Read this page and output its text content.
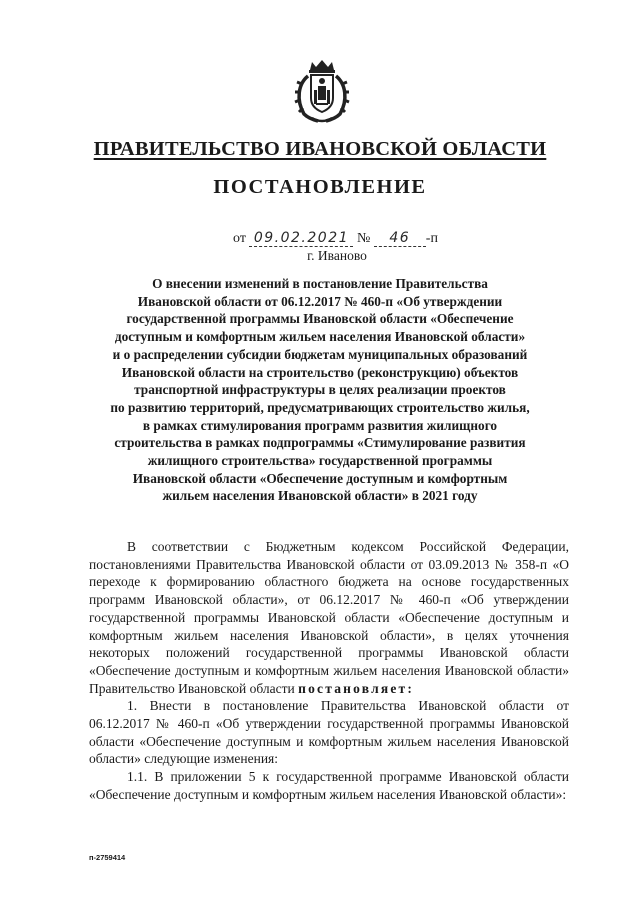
ПРАВИТЕЛЬСТВО ИВАНОВСКОЙ ОБЛАСТИ
ПОСТАНОВЛЕНИЕ
от 09.02.2021 № 46 -п
г. Иваново
О внесении изменений в постановление Правительства
Ивановской области от 06.12.2017 № 460-п «Об утверждении
государственной программы Ивановской области «Обеспечение
доступным и комфортным жильем населения Ивановской области»
и о распределении субсидии бюджетам муниципальных образований
Ивановской области на строительство (реконструкцию) объектов
транспортной инфраструктуры в целях реализации проектов
по развитию территорий, предусматривающих строительство жилья,
в рамках стимулирования программ развития жилищного
строительства в рамках подпрограммы «Стимулирование развития
жилищного строительства» государственной программы
Ивановской области «Обеспечение доступным и комфортным
жильем населения Ивановской области» в 2021 году

В соответствии с Бюджетным кодексом Российской Федерации, постановлениями Правительства Ивановской области от 03.09.2013 № 358-п «О переходе к формированию областного бюджета на основе государственных программ Ивановской области», от 06.12.2017 № 460-п «Об утверждении государственной программы Ивановской области «Обеспечение доступным и комфортным жильем населения Ивановской области», в целях уточнения некоторых положений государственной программы Ивановской области «Обеспечение доступным и комфортным жильем населения Ивановской области» Правительство Ивановской области постановляет:

1. Внести в постановление Правительства Ивановской области от 06.12.2017 № 460-п «Об утверждении государственной программы Ивановской области «Обеспечение доступным и комфортным жильем населения Ивановской области» следующие изменения:

1.1. В приложении 5 к государственной программе Ивановской области «Обеспечение доступным и комфортным жильем населения Ивановской области»:

п-2759414
